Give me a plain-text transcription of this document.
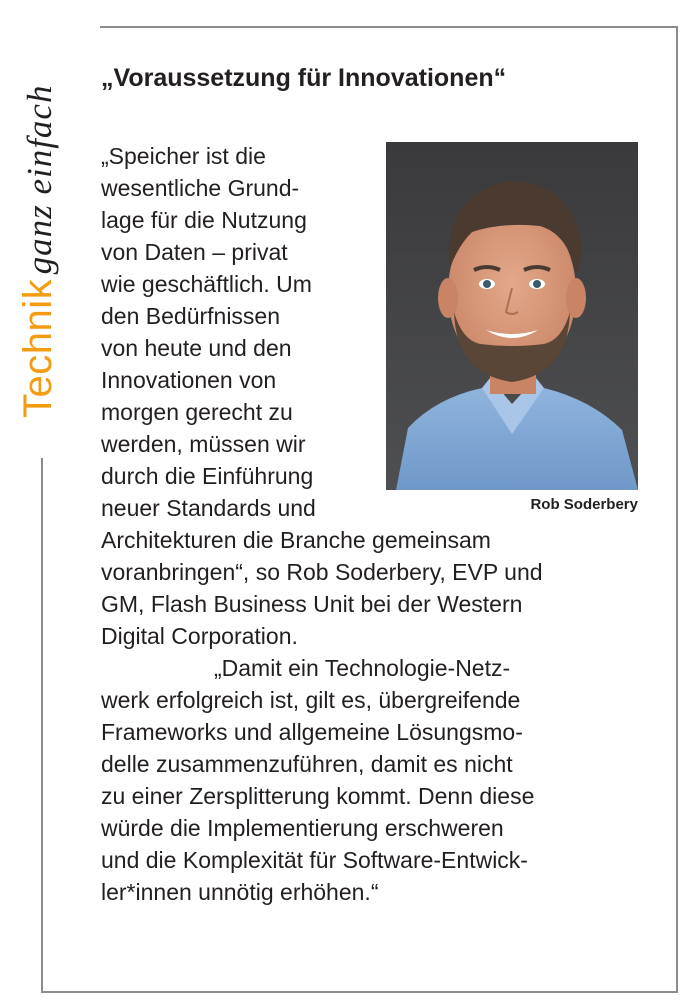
Technik ganz einfach
„Voraussetzung für Innovationen“
Rob Soderbery
„Speicher ist die
wesentliche Grund-
lage für die Nutzung
von Daten – privat
wie geschäftlich. Um
den Bedürfnissen
von heute und den
Innovationen von
morgen gerecht zu
werden, müssen wir
durch die Einführung
neuer Standards und
Architekturen die Branche gemeinsam
voranbringen“, so Rob Soderbery, EVP und
GM, Flash Business Unit bei der Western
Digital Corporation.
„Damit ein Technologie-Netz-
werk erfolgreich ist, gilt es, übergreifende
Frameworks und allgemeine Lösungsmo-
delle zusammenzuführen, damit es nicht
zu einer Zersplitterung kommt. Denn diese
würde die Implementierung erschweren
und die Komplexität für Software-Entwick-
ler*innen unnötig erhöhen.“
